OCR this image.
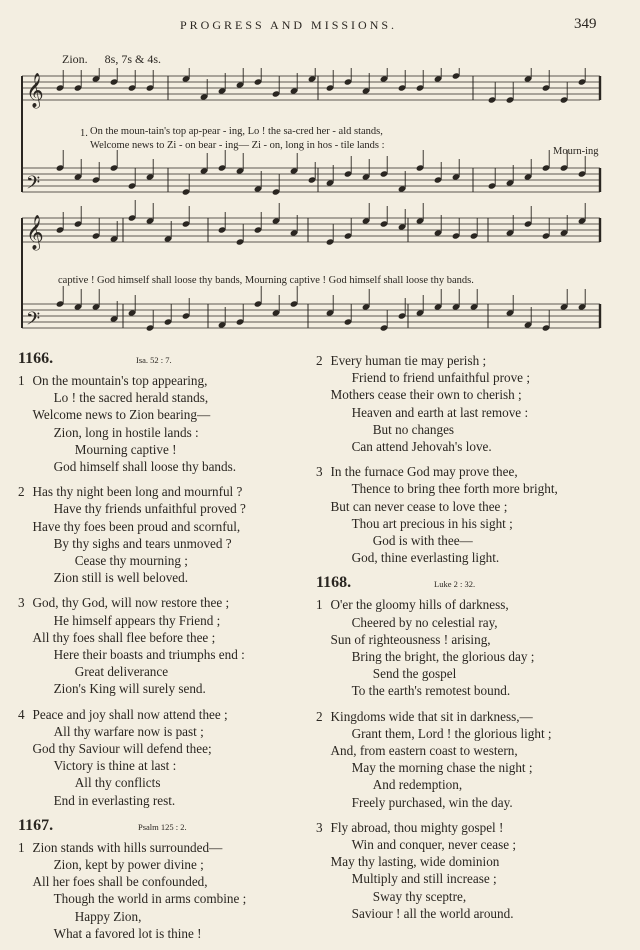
PROGRESS AND MISSIONS.	349
Zion. 8s, 7s & 4s.
𝄞
𝄢
𝄞
𝄢
1. On the moun-tain's top ap-pear - ing, Lo ! the sa-cred her - ald stands,
Welcome news to Zi - on bear - ing— Zi - on, long in hos - tile lands :
Mourn-ing
captive ! God himself shall loose thy bands, Mourning captive ! God himself shall loose thy bands.
1166.	Isa. 52 : 7.
1 On the mountain's top appearing,
Lo ! the sacred herald stands,
Welcome news to Zion bearing—
Zion, long in hostile lands :
Mourning captive !
God himself shall loose thy bands.
2 Has thy night been long and mournful ?
Have thy friends unfaithful proved ?
Have thy foes been proud and scornful,
By thy sighs and tears unmoved ?
Cease thy mourning ;
Zion still is well beloved.
3 God, thy God, will now restore thee ;
He himself appears thy Friend ;
All thy foes shall flee before thee ;
Here their boasts and triumphs end :
Great deliverance
Zion's King will surely send.
4 Peace and joy shall now attend thee ;
All thy warfare now is past ;
God thy Saviour will defend thee;
Victory is thine at last :
All thy conflicts
End in everlasting rest.
1167.	Psalm 125 : 2.
1 Zion stands with hills surrounded—
Zion, kept by power divine ;
All her foes shall be confounded,
Though the world in arms combine ;
Happy Zion,
What a favored lot is thine !
2 Every human tie may perish ;
Friend to friend unfaithful prove ;
Mothers cease their own to cherish ;
Heaven and earth at last remove :
But no changes
Can attend Jehovah's love.
3 In the furnace God may prove thee,
Thence to bring thee forth more bright,
But can never cease to love thee ;
Thou art precious in his sight ;
God is with thee—
God, thine everlasting light.
1168.	Luke 2 : 32.
1 O'er the gloomy hills of darkness,
Cheered by no celestial ray,
Sun of righteousness ! arising,
Bring the bright, the glorious day ;
Send the gospel
To the earth's remotest bound.
2 Kingdoms wide that sit in darkness,—
Grant them, Lord ! the glorious light ;
And, from eastern coast to western,
May the morning chase the night ;
And redemption,
Freely purchased, win the day.
3 Fly abroad, thou mighty gospel !
Win and conquer, never cease ;
May thy lasting, wide dominion
Multiply and still increase ;
Sway thy sceptre,
Saviour ! all the world around.
